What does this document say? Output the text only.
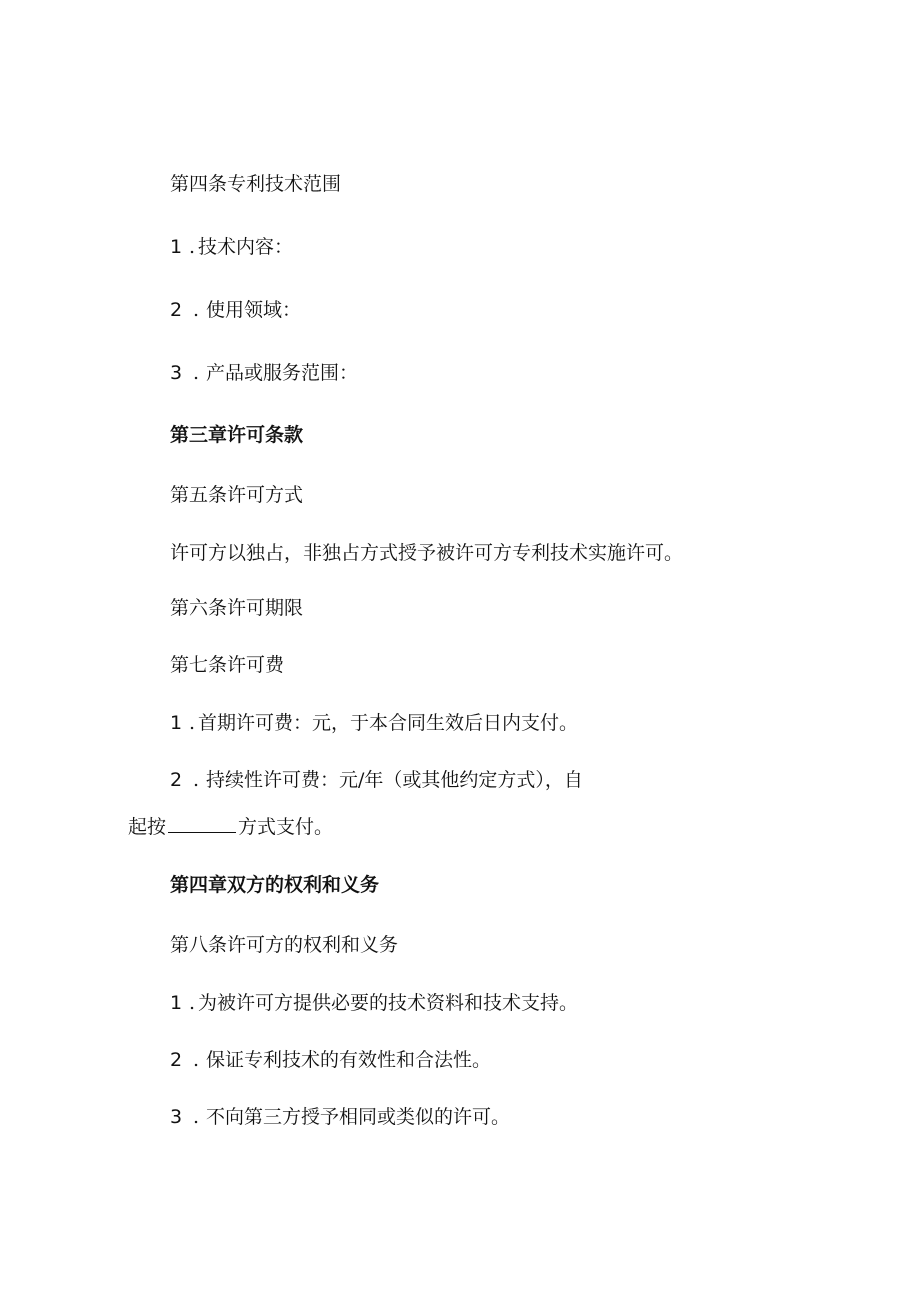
第四条专利技术范围
1 . 技术内容：
2 . 使用领域：
3 . 产品或服务范围：
第三章许可条款
第五条许可方式
许可方以独占，非独占方式授予被许可方专利技术实施许可。
第六条许可期限
第七条许可费
1 . 首期许可费：元，于本合同生效后日内支付。
2 . 持续性许可费：元/年（或其他约定方式），自
起按	方式支付。
第四章双方的权利和义务
第八条许可方的权利和义务
1 . 为被许可方提供必要的技术资料和技术支持。
2 . 保证专利技术的有效性和合法性。
3 . 不向第三方授予相同或类似的许可。
